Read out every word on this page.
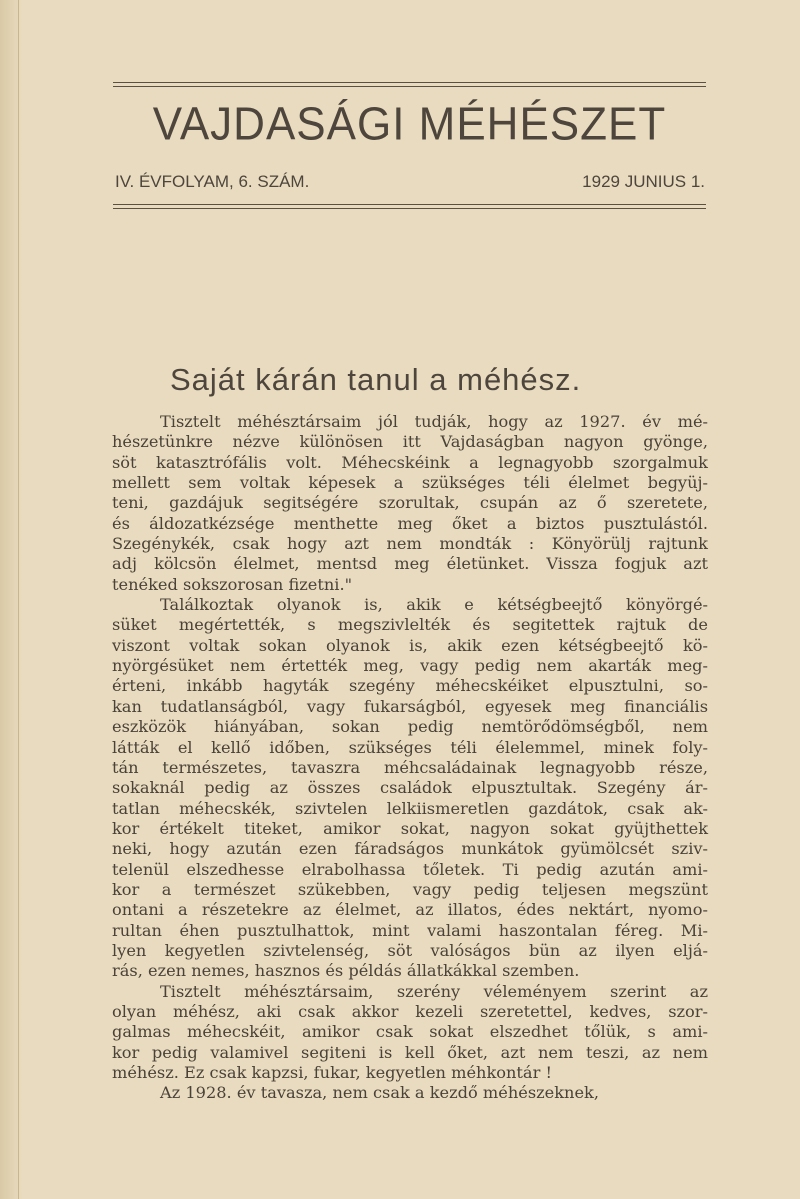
VAJDASÁGI MÉHÉSZET
IV. ÉVFOLYAM, 6. SZÁM.	1929 JUNIUS 1.
Saját kárán tanul a méhész.
Tisztelt méhésztársaim jól tudják, hogy az 1927. év mé-
hészetünkre nézve különösen itt Vajdaságban nagyon gyönge,
söt katasztrófális volt. Méhecskéink a legnagyobb szorgalmuk
mellett sem voltak képesek a szükséges téli élelmet begyüj-
teni, gazdájuk segitségére szorultak, csupán az ő szeretete,
és áldozatkézsége menthette meg őket a biztos pusztulástól.
Szegénykék, csak hogy azt nem mondták : Könyörülj rajtunk
adj kölcsön élelmet, mentsd meg életünket. Vissza fogjuk azt
tenéked sokszorosan fizetni."
Találkoztak olyanok is, akik e kétségbeejtő könyörgé-
süket megértették, s megszivlelték és segitettek rajtuk de
viszont voltak sokan olyanok is, akik ezen kétségbeejtő kö-
nyörgésüket nem értették meg, vagy pedig nem akarták meg-
érteni, inkább hagyták szegény méhecskéiket elpusztulni, so-
kan tudatlanságból, vagy fukarságból, egyesek meg financiális
eszközök hiányában, sokan pedig nemtörődömségből, nem
látták el kellő időben, szükséges téli élelemmel, minek foly-
tán természetes, tavaszra méhcsaládainak legnagyobb része,
sokaknál pedig az összes családok elpusztultak. Szegény ár-
tatlan méhecskék, szivtelen lelkiismeretlen gazdátok, csak ak-
kor értékelt titeket, amikor sokat, nagyon sokat gyüjthettek
neki, hogy azután ezen fáradságos munkátok gyümölcsét sziv-
telenül elszedhesse elrabolhassa tőletek. Ti pedig azután ami-
kor a természet szükebben, vagy pedig teljesen megszünt
ontani a részetekre az élelmet, az illatos, édes nektárt, nyomo-
rultan éhen pusztulhattok, mint valami haszontalan féreg. Mi-
lyen kegyetlen szivtelenség, söt valóságos bün az ilyen eljá-
rás, ezen nemes, hasznos és példás állatkákkal szemben.
Tisztelt méhésztársaim, szerény véleményem szerint az
olyan méhész, aki csak akkor kezeli szeretettel, kedves, szor-
galmas méhecskéit, amikor csak sokat elszedhet tőlük, s ami-
kor pedig valamivel segiteni is kell őket, azt nem teszi, az nem
méhész. Ez csak kapzsi, fukar, kegyetlen méhkontár !
Az 1928. év tavasza, nem csak a kezdő méhészeknek,
